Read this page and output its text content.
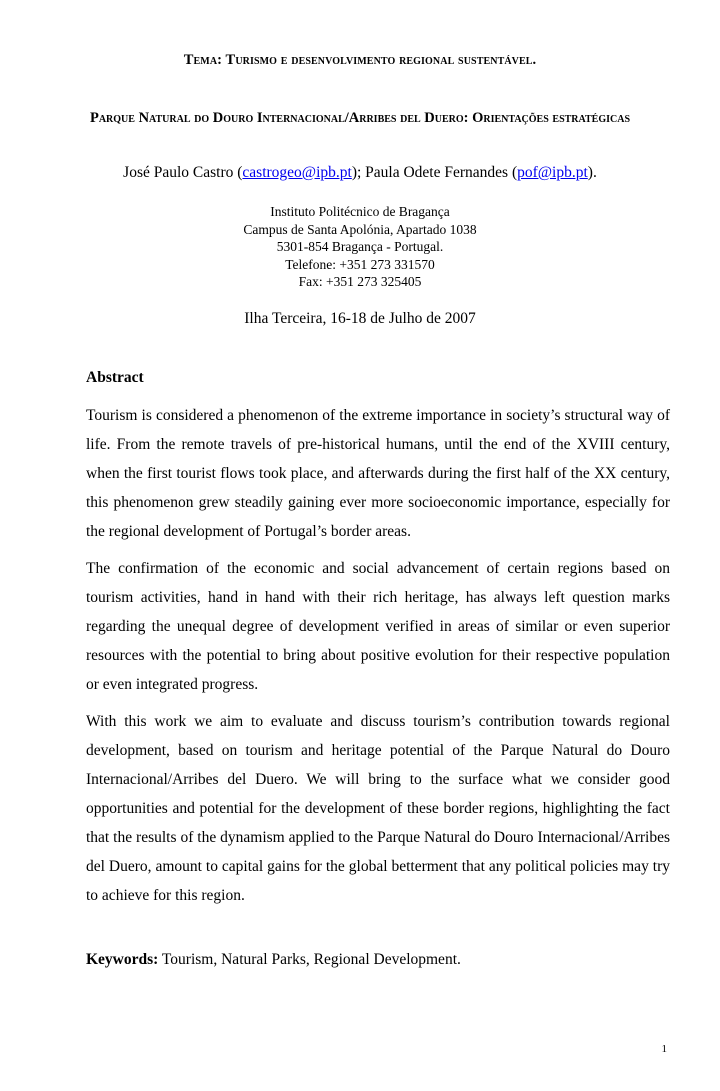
Tema: Turismo e desenvolvimento regional sustentável.
Parque Natural do Douro Internacional/Arribes del Duero: Orientações estratégicas
José Paulo Castro (castrogeo@ipb.pt); Paula Odete Fernandes (pof@ipb.pt).
Instituto Politécnico de Bragança
Campus de Santa Apolónia, Apartado 1038
5301-854 Bragança - Portugal.
Telefone: +351 273 331570
Fax: +351 273 325405
Ilha Terceira, 16-18 de Julho de 2007
Abstract

Tourism is considered a phenomenon of the extreme importance in society’s structural way of life. From the remote travels of pre-historical humans, until the end of the XVIII century, when the first tourist flows took place, and afterwards during the first half of the XX century, this phenomenon grew steadily gaining ever more socioeconomic importance, especially for the regional development of Portugal’s border areas.

The confirmation of the economic and social advancement of certain regions based on tourism activities, hand in hand with their rich heritage, has always left question marks regarding the unequal degree of development verified in areas of similar or even superior resources with the potential to bring about positive evolution for their respective population or even integrated progress.

With this work we aim to evaluate and discuss tourism’s contribution towards regional development, based on tourism and heritage potential of the Parque Natural do Douro Internacional/Arribes del Duero. We will bring to the surface what we consider good opportunities and potential for the development of these border regions, highlighting the fact that the results of the dynamism applied to the Parque Natural do Douro Internacional/Arribes del Duero, amount to capital gains for the global betterment that any political policies may try to achieve for this region.

Keywords: Tourism, Natural Parks, Regional Development.
1
